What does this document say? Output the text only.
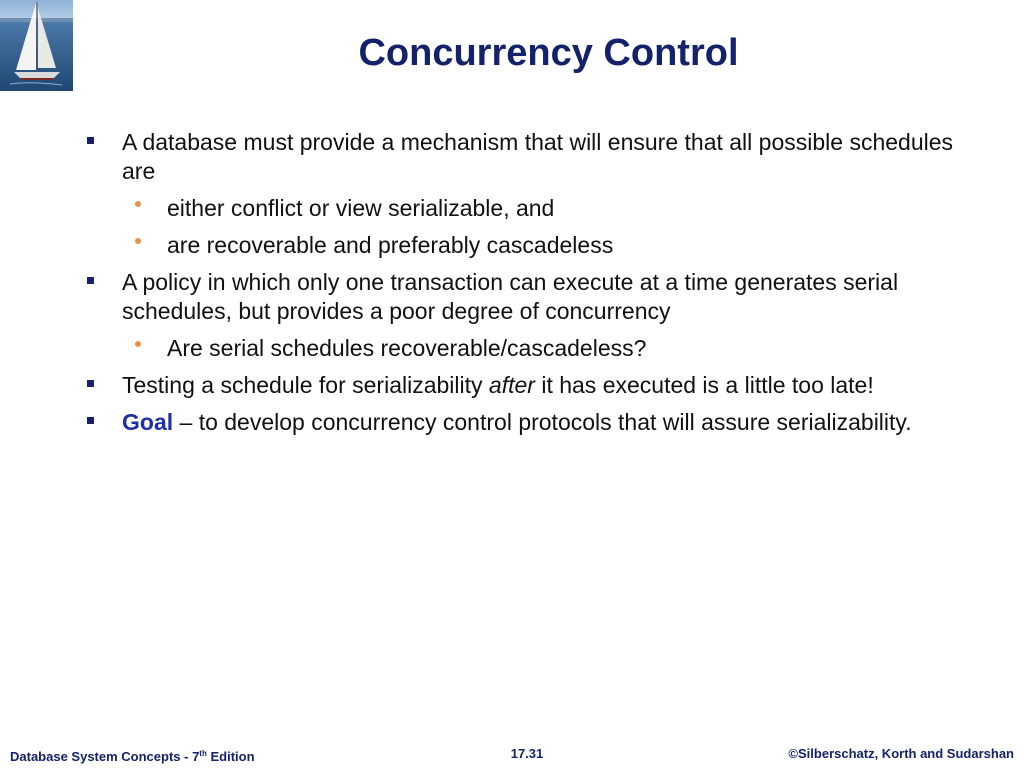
Concurrency Control
A database must provide a mechanism that will ensure that all possible schedules are
either conflict or view serializable, and
are recoverable and preferably cascadeless
A policy in which only one transaction can execute at a time generates serial schedules, but provides a poor degree of concurrency
Are serial schedules recoverable/cascadeless?
Testing a schedule for serializability after it has executed is a little too late!
Goal – to develop concurrency control protocols that will assure serializability.
Database System Concepts - 7th Edition	17.31	©Silberschatz, Korth and Sudarshan
